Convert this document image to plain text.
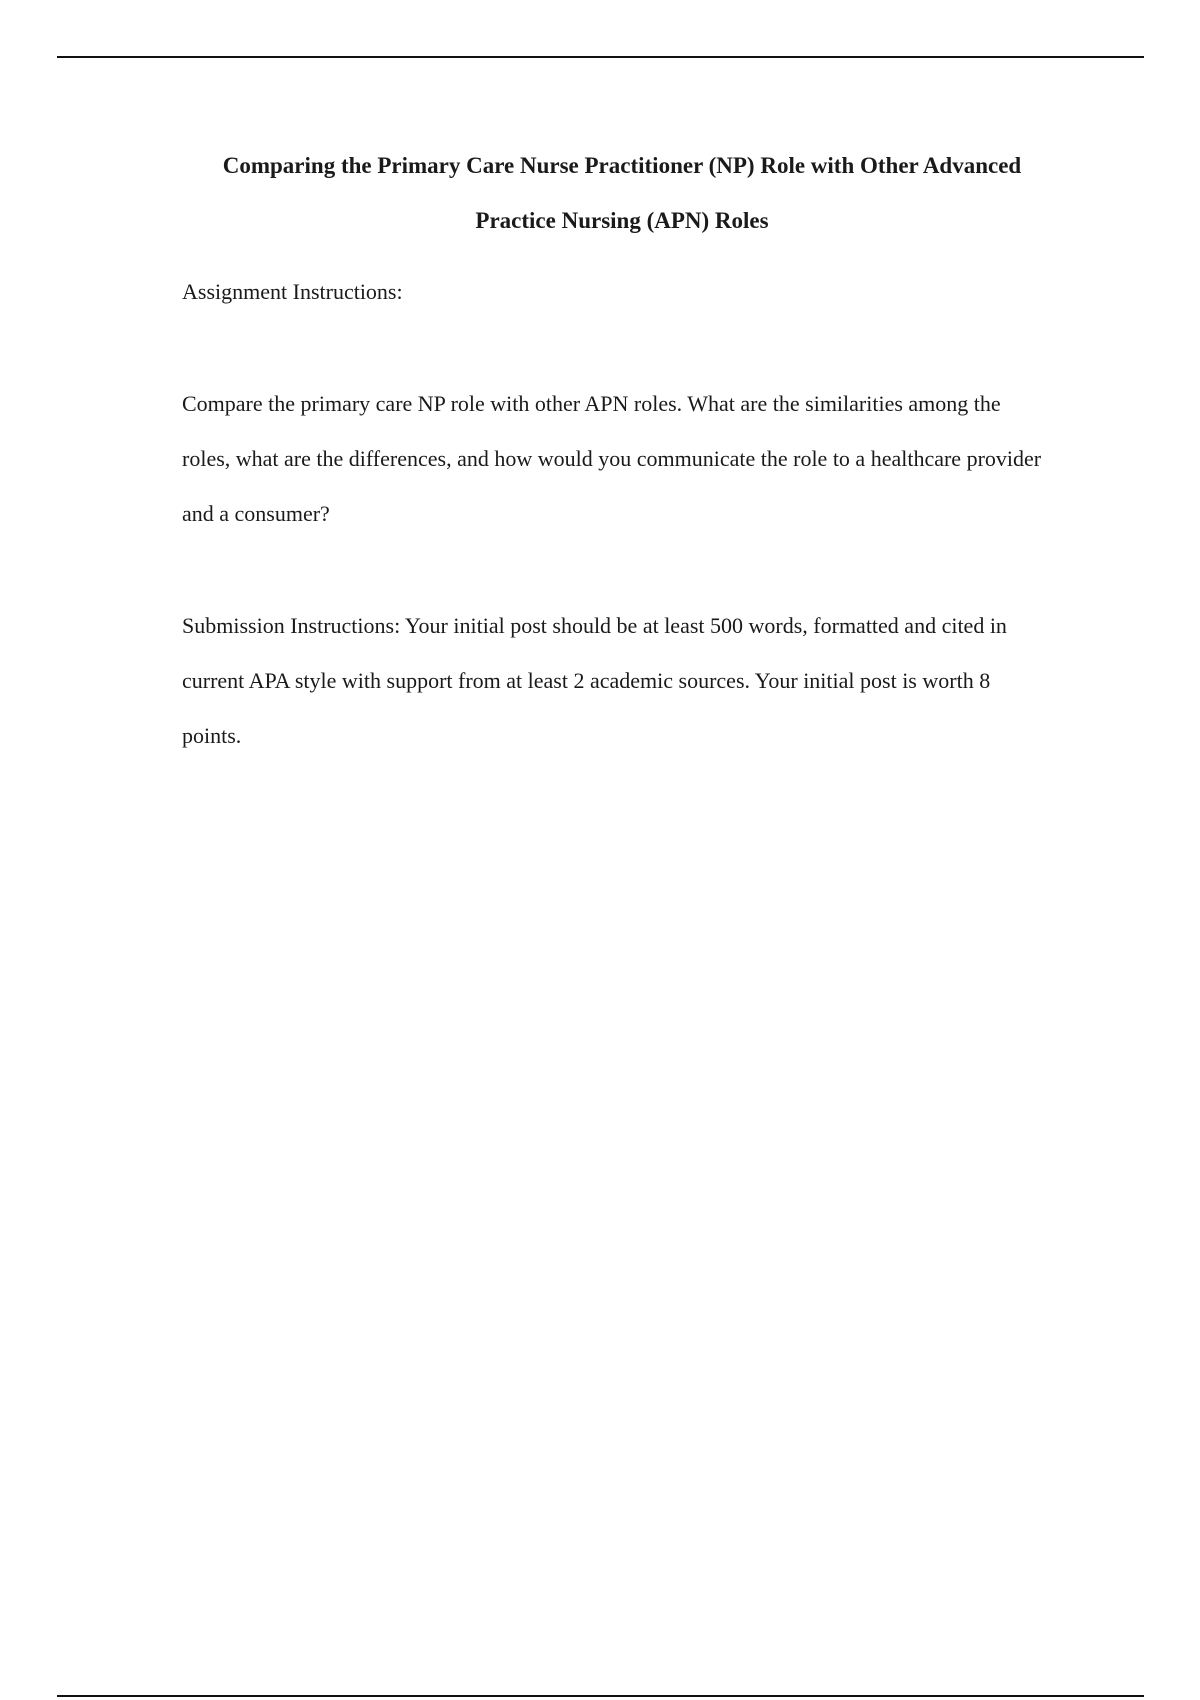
Comparing the Primary Care Nurse Practitioner (NP) Role with Other Advanced Practice Nursing (APN) Roles

Assignment Instructions:

Compare the primary care NP role with other APN roles. What are the similarities among the roles, what are the differences, and how would you communicate the role to a healthcare provider and a consumer?

Submission Instructions: Your initial post should be at least 500 words, formatted and cited in current APA style with support from at least 2 academic sources. Your initial post is worth 8 points.
